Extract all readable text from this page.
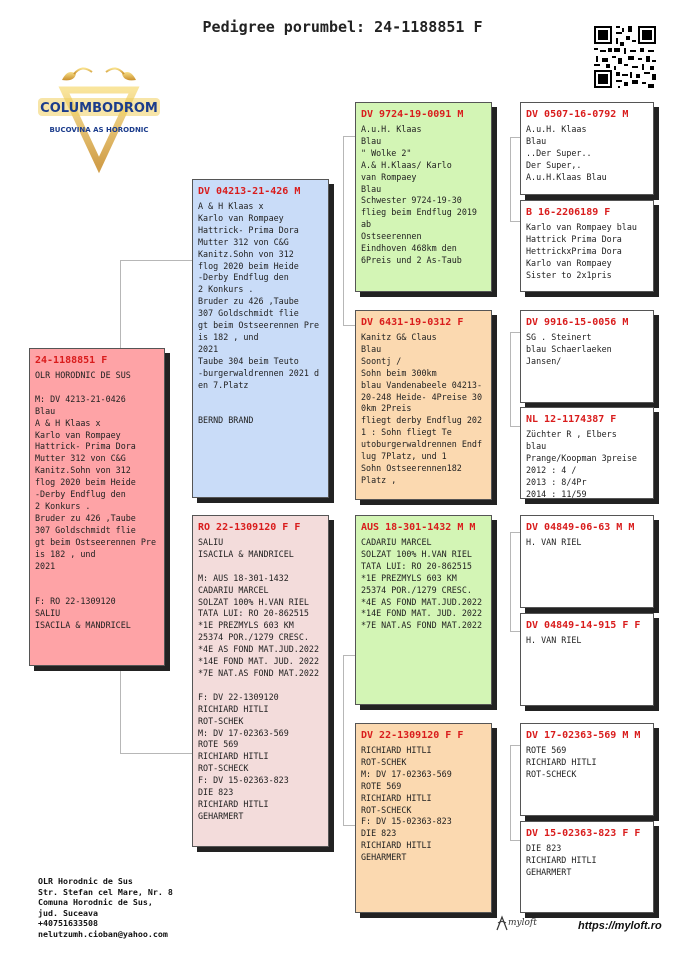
Pedigree porumbel: 24-1188851 F
COLUMBODROM
BUCOVINA AS HORODNIC
24-1188851 F
OLR HORODNIC DE SUS

M: DV 4213-21-0426
Blau
A & H Klaas x
Karlo van Rompaey
Hattrick- Prima Dora
Mutter 312 von C&G
Kanitz.Sohn von 312
flog 2020 beim Heide
-Derby Endflug den
2 Konkurs .
Bruder zu 426 ,Taube
307 Goldschmidt flie
gt beim Ostseerennen Pre
is 182 , und
2021

F: RO 22-1309120
SALIU
ISACILA & MANDRICEL
DV 04213-21-426 M
A & H Klaas x
Karlo van Rompaey
Hattrick- Prima Dora
Mutter 312 von C&G
Kanitz.Sohn von 312
flog 2020 beim Heide
-Derby Endflug den
2 Konkurs .
Bruder zu 426 ,Taube
307 Goldschmidt flie
gt beim Ostseerennen Pre
is 182 , und
2021
Taube 304 beim Teuto
-burgerwaldrennen 2021 d
en 7.Platz

BERND BRAND
RO 22-1309120 F F
SALIU
ISACILA & MANDRICEL

M: AUS 18-301-1432
CADARIU MARCEL
SOLZAT 100% H.VAN RIEL
TATA LUI: RO 20-862515
*1E PREZMYLS 603 KM
25374 POR./1279 CRESC.
*4E AS FOND MAT.JUD.2022
*14E FOND MAT. JUD. 2022
*7E NAT.AS FOND MAT.2022

F: DV 22-1309120
RICHIARD HITLI
ROT-SCHEK
M: DV 17-02363-569
ROTE 569
RICHIARD HITLI
ROT-SCHECK
F: DV 15-02363-823
DIE 823
RICHIARD HITLI
GEHARMERT
DV 9724-19-0091 M
A.u.H. Klaas
Blau
" Wolke 2"
A.& H.Klaas/ Karlo
van Rompaey
Blau
Schwester 9724-19-30
flieg beim Endflug 2019
ab
Ostseerennen
Eindhoven 468km den
6Preis und 2 As-Taub
DV 6431-19-0312 F
Kanitz G& Claus
Blau
Soontj /
Sohn beim 300km
blau Vandenabeele 04213-
20-248 Heide- 4Preise 30
0km 2Preis
fliegt derby Endflug 202
1 : Sohn fliegt Te
utoburgerwaldrennen Endf
lug 7Platz, und 1
Sohn Ostseerennen182
Platz ,
AUS 18-301-1432 M M
CADARIU MARCEL
SOLZAT 100% H.VAN RIEL
TATA LUI: RO 20-862515
*1E PREZMYLS 603 KM
25374 POR./1279 CRESC.
*4E AS FOND MAT.JUD.2022
*14E FOND MAT. JUD. 2022
*7E NAT.AS FOND MAT.2022
DV 22-1309120 F F
RICHIARD HITLI
ROT-SCHEK
M: DV 17-02363-569
ROTE 569
RICHIARD HITLI
ROT-SCHECK
F: DV 15-02363-823
DIE 823
RICHIARD HITLI
GEHARMERT
DV 0507-16-0792 M
A.u.H. Klaas
Blau
..Der Super..
Der Super,.
A.u.H.Klaas Blau
B 16-2206189 F
Karlo van Rompaey blau
Hattrick Prima Dora
HettrickxPrima Dora
Karlo van Rompaey
Sister to 2x1pris
DV 9916-15-0056 M
SG . Steinert
blau Schaerlaeken
Jansen/
NL 12-1174387 F
Züchter R , Elbers
blau
Prange/Koopman 3preise
2012 : 4 /
2013 : 8/4Pr
2014 : 11/59
DV 04849-06-63 M M
H. VAN RIEL
DV 04849-14-915 F F
H. VAN RIEL
DV 17-02363-569 M M
ROTE 569
RICHIARD HITLI
ROT-SCHECK
DV 15-02363-823 F F
DIE 823
RICHIARD HITLI
GEHARMERT
OLR Horodnic de Sus
Str. Stefan cel Mare, Nr. 8
Comuna Horodnic de Sus,
jud. Suceava
+40751633508
nelutzumh.cioban@yahoo.com
myloft	https://myloft.ro
